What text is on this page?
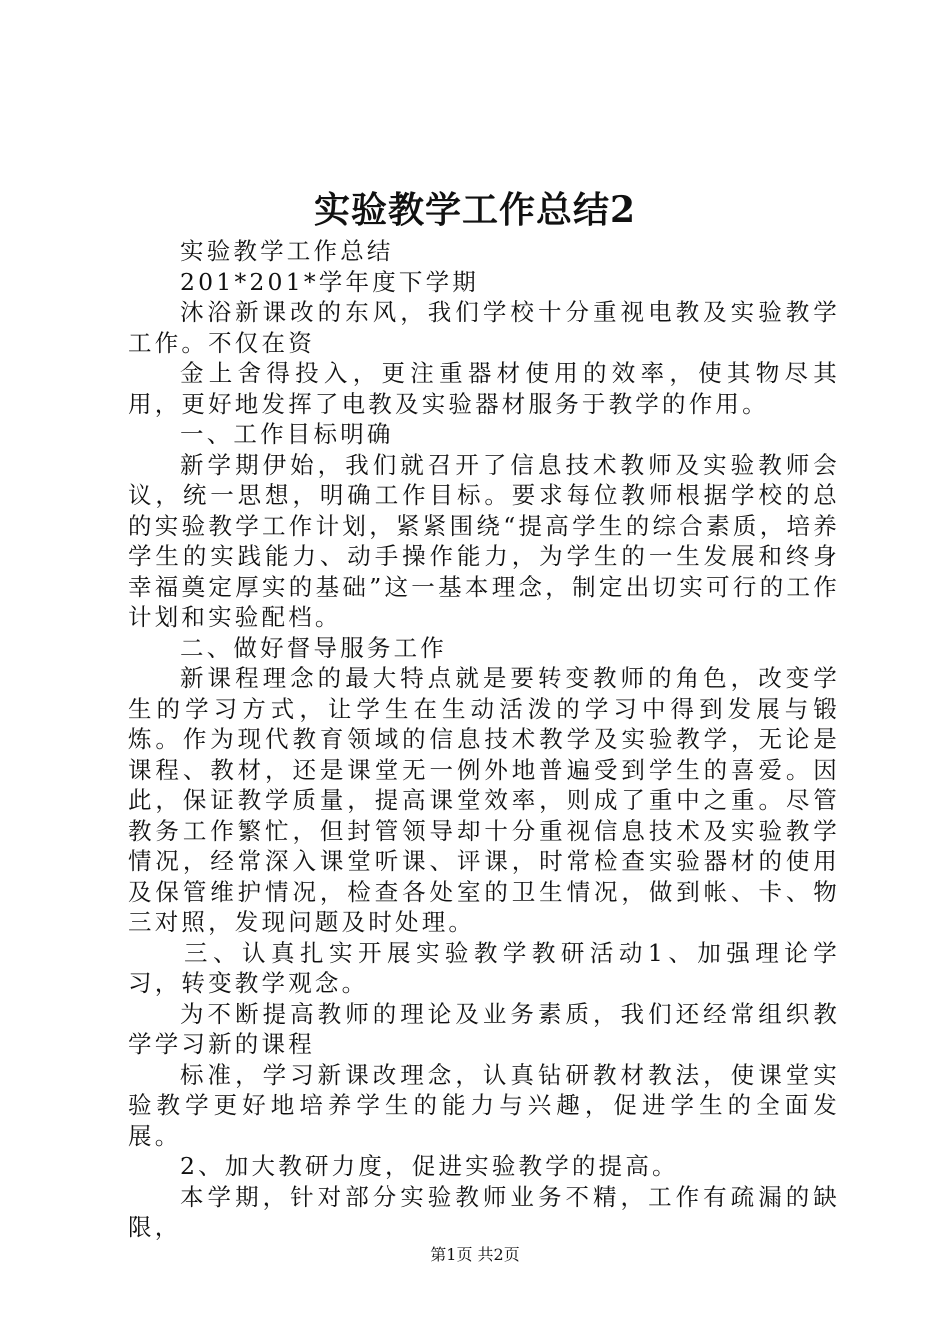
实验教学工作总结2

实验教学工作总结

201*201*学年度下学期

沐浴新课改的东风，我们学校十分重视电教及实验教学工作。不仅在资

金上舍得投入，更注重器材使用的效率，使其物尽其用，更好地发挥了电教及实验器材服务于教学的作用。

一、工作目标明确

新学期伊始，我们就召开了信息技术教师及实验教师会议，统一思想，明确工作目标。要求每位教师根据学校的总的实验教学工作计划，紧紧围绕“提高学生的综合素质，培养学生的实践能力、动手操作能力，为学生的一生发展和终身幸福奠定厚实的基础”这一基本理念，制定出切实可行的工作计划和实验配档。

二、做好督导服务工作

新课程理念的最大特点就是要转变教师的角色，改变学生的学习方式，让学生在生动活泼的学习中得到发展与锻炼。作为现代教育领域的信息技术教学及实验教学，无论是课程、教材，还是课堂无一例外地普遍受到学生的喜爱。因此，保证教学质量，提高课堂效率，则成了重中之重。尽管教务工作繁忙，但封管领导却十分重视信息技术及实验教学情况，经常深入课堂听课、评课，时常检查实验器材的使用及保管维护情况，检查各处室的卫生情况，做到帐、卡、物三对照，发现问题及时处理。

三、认真扎实开展实验教学教研活动1、加强理论学习，转变教学观念。

为不断提高教师的理论及业务素质，我们还经常组织教学学习新的课程

标准，学习新课改理念，认真钻研教材教法，使课堂实验教学更好地培养学生的能力与兴趣，促进学生的全面发展。

2、加大教研力度，促进实验教学的提高。

本学期，针对部分实验教师业务不精，工作有疏漏的缺限，

第1页 共2页
